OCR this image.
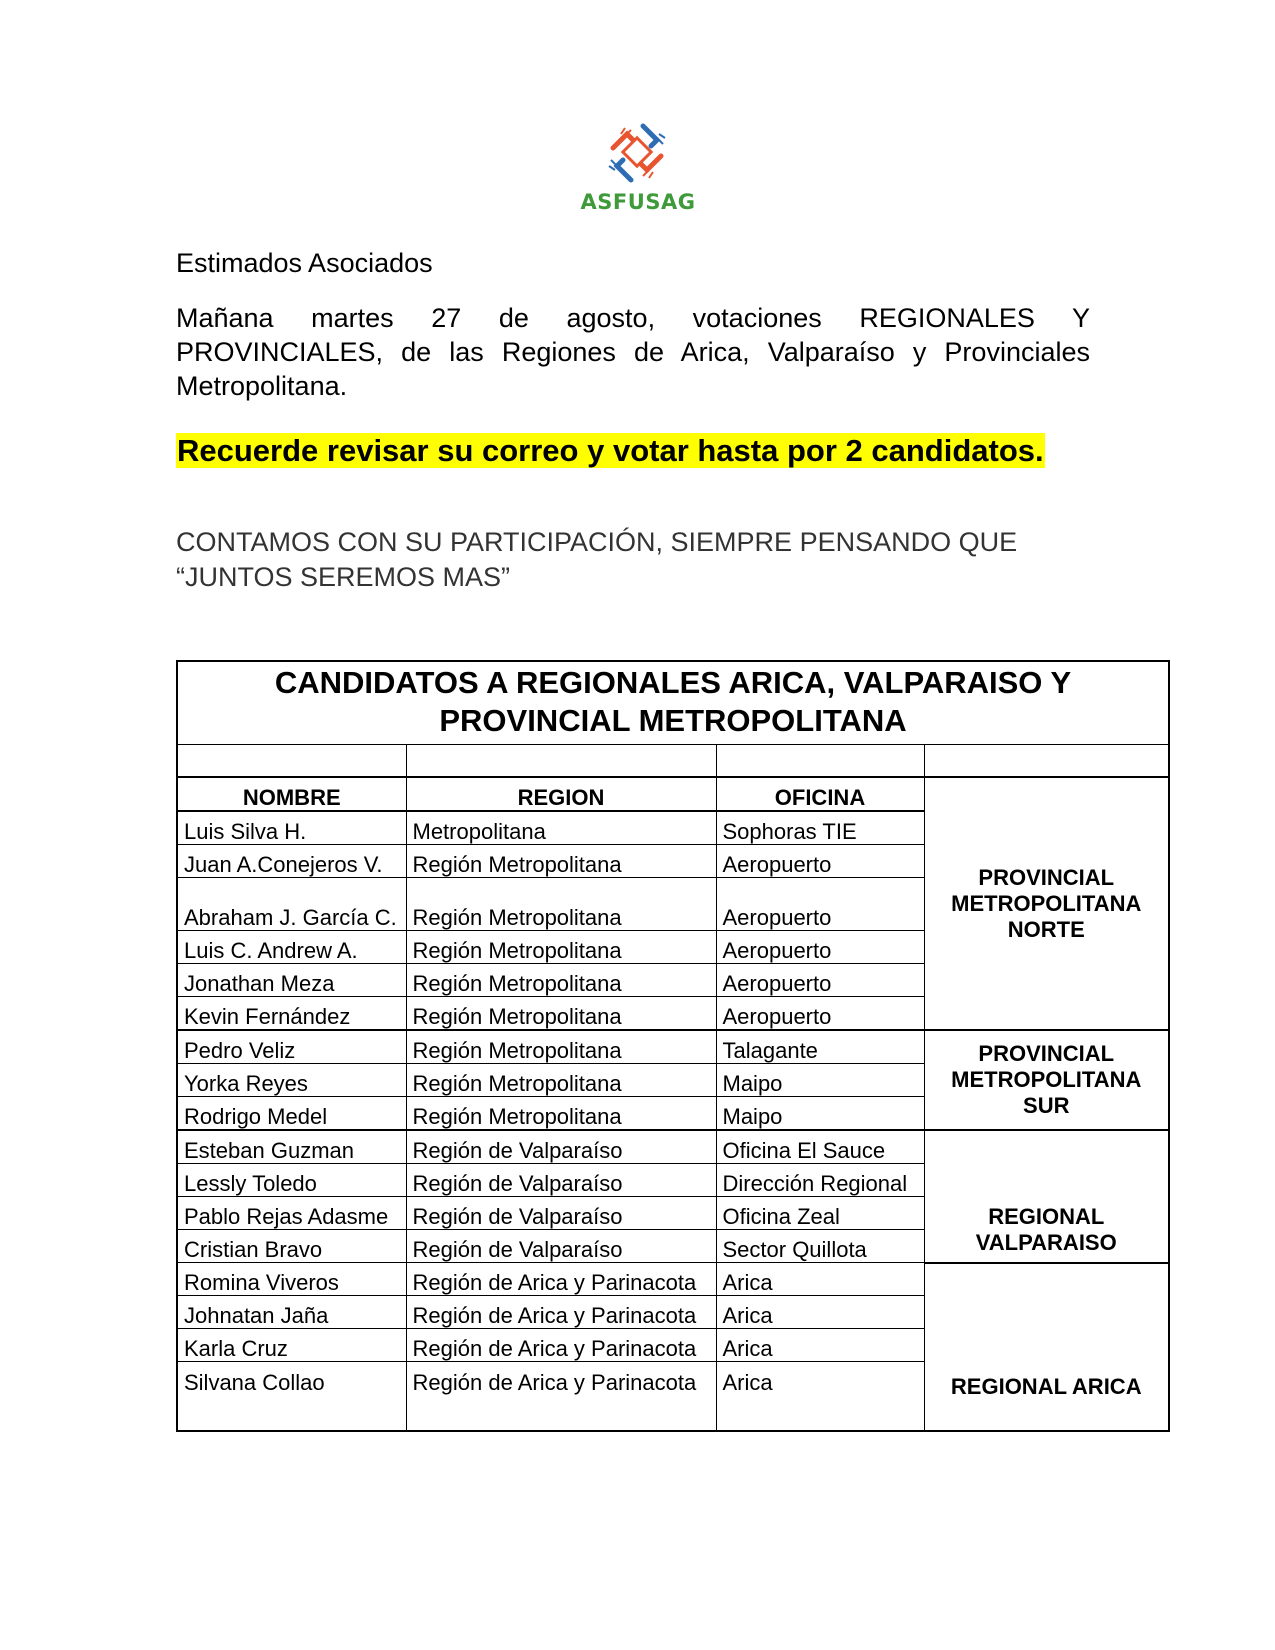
ASFUSAG
Estimados Asociados
Mañana martes 27 de agosto, votaciones REGIONALES Y PROVINCIALES, de las Regiones de Arica, Valparaíso y Provinciales Metropolitana.
Recuerde revisar su correo y votar hasta por 2 candidatos.
CONTAMOS CON SU PARTICIPACIÓN, SIEMPRE PENSANDO QUE
“JUNTOS SEREMOS MAS”
CANDIDATOS A REGIONALES ARICA, VALPARAISO Y
PROVINCIAL METROPOLITANA			

NOMBRE	REGION	OFICINA	PROVINCIAL METROPOLITANA NORTE
Luis Silva H.	Metropolitana	Sophoras TIE	
Juan A.Conejeros V.	Región Metropolitana	Aeropuerto	
Abraham J. García C.	Región Metropolitana	Aeropuerto	
Luis C. Andrew A.	Región Metropolitana	Aeropuerto	
Jonathan Meza	Región Metropolitana	Aeropuerto	
Kevin Fernández	Región Metropolitana	Aeropuerto	
Pedro Veliz	Región Metropolitana	Talagante	PROVINCIAL METROPOLITANA SUR
Yorka Reyes	Región Metropolitana	Maipo	
Rodrigo Medel	Región Metropolitana	Maipo	
Esteban Guzman	Región de Valparaíso	Oficina El Sauce	REGIONAL VALPARAISO
Lessly Toledo	Región de Valparaíso	Dirección Regional	
Pablo Rejas Adasme	Región de Valparaíso	Oficina Zeal	
Cristian Bravo	Región de Valparaíso	Sector Quillota	
Romina Viveros	Región de Arica y Parinacota	Arica	REGIONAL ARICA
Johnatan Jaña	Región de Arica y Parinacota	Arica	
Karla Cruz	Región de Arica y Parinacota	Arica	
Silvana Collao	Región de Arica y Parinacota	Arica	
